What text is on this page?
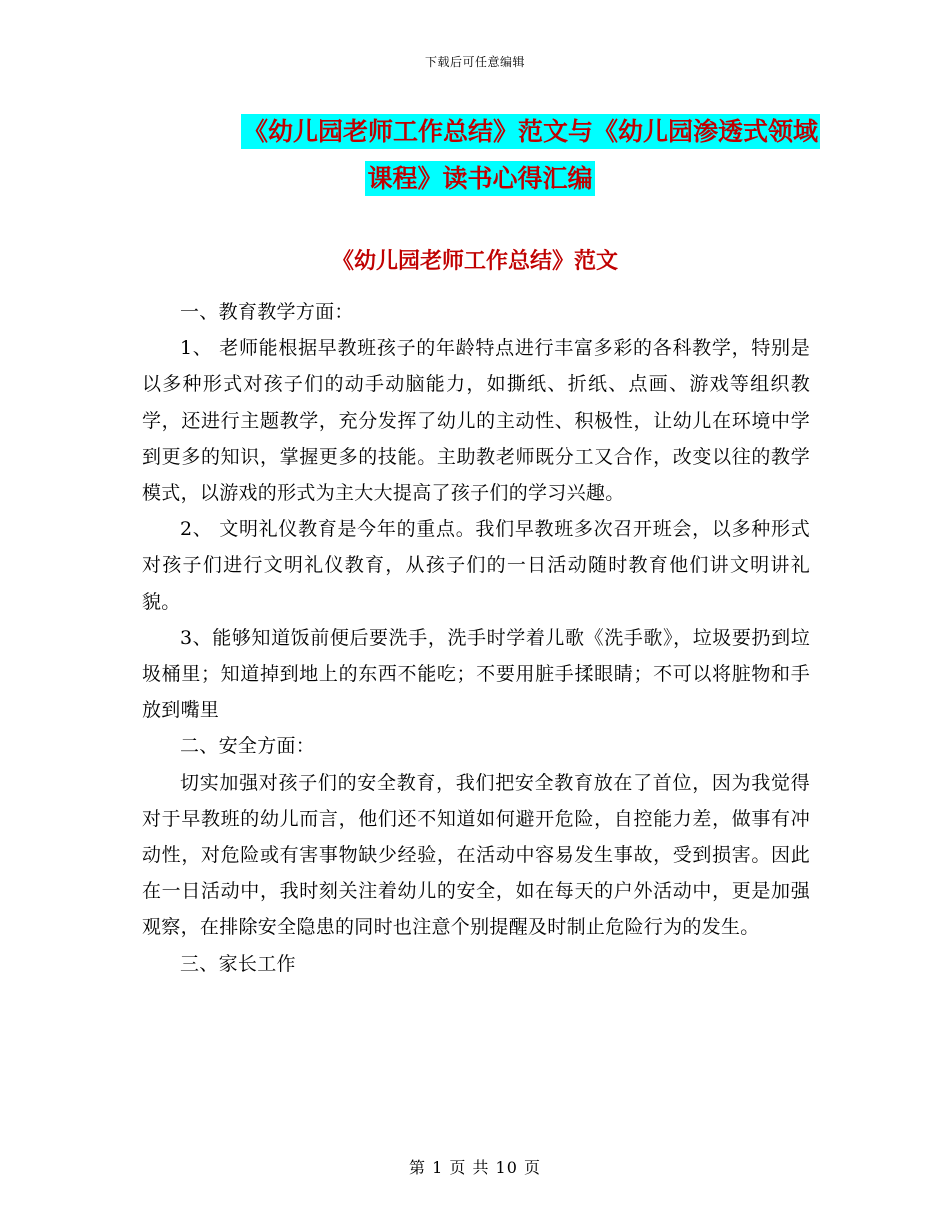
下载后可任意编辑
《幼儿园老师工作总结》范文与《幼儿园渗透式领域
课程》读书心得汇编
《幼儿园老师工作总结》范文

一、教育教学方面：

1、 老师能根据早教班孩子的年龄特点进行丰富多彩的各科教学，特别是以多种形式对孩子们的动手动脑能力，如撕纸、折纸、点画、游戏等组织教学，还进行主题教学，充分发挥了幼儿的主动性、积极性，让幼儿在环境中学到更多的知识，掌握更多的技能。主助教老师既分工又合作，改变以往的教学模式，以游戏的形式为主大大提高了孩子们的学习兴趣。

2、 文明礼仪教育是今年的重点。我们早教班多次召开班会，以多种形式对孩子们进行文明礼仪教育，从孩子们的一日活动随时教育他们讲文明讲礼貌。

3、能够知道饭前便后要洗手，洗手时学着儿歌《洗手歌》，垃圾要扔到垃圾桶里；知道掉到地上的东西不能吃；不要用脏手揉眼睛；不可以将脏物和手放到嘴里

二、安全方面：

切实加强对孩子们的安全教育，我们把安全教育放在了首位，因为我觉得对于早教班的幼儿而言，他们还不知道如何避开危险，自控能力差，做事有冲动性，对危险或有害事物缺少经验，在活动中容易发生事故，受到损害。因此在一日活动中，我时刻关注着幼儿的安全，如在每天的户外活动中，更是加强观察，在排除安全隐患的同时也注意个别提醒及时制止危险行为的发生。

三、家长工作

第 1 页 共 10 页
